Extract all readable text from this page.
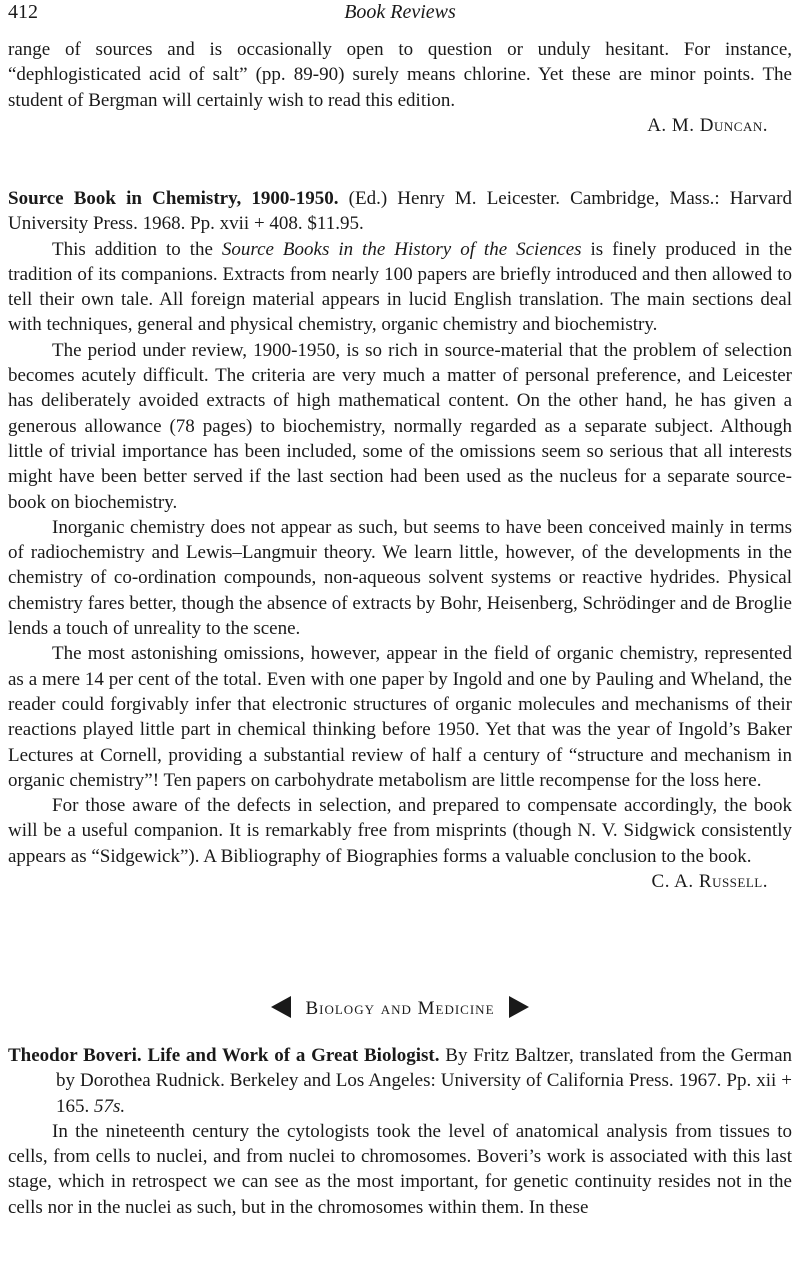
412	Book Reviews

range of sources and is occasionally open to question or unduly hesitant. For instance, “dephlogisticated acid of salt” (pp. 89-90) surely means chlorine. Yet these are minor points. The student of Bergman will certainly wish to read this edition.

A. M. Duncan.

Source Book in Chemistry, 1900-1950. (Ed.) Henry M. Leicester. Cambridge, Mass.: Harvard University Press. 1968. Pp. xvii + 408. $11.95.

This addition to the Source Books in the History of the Sciences is finely produced in the tradition of its companions. Extracts from nearly 100 papers are briefly introduced and then allowed to tell their own tale. All foreign material appears in lucid English translation. The main sections deal with techniques, general and physical chemistry, organic chemistry and biochemistry.

The period under review, 1900-1950, is so rich in source-material that the problem of selection becomes acutely difficult. The criteria are very much a matter of personal preference, and Leicester has deliberately avoided extracts of high mathematical content. On the other hand, he has given a generous allowance (78 pages) to biochemistry, normally regarded as a separate subject. Although little of trivial importance has been included, some of the omissions seem so serious that all interests might have been better served if the last section had been used as the nucleus for a separate source-book on biochemistry.

Inorganic chemistry does not appear as such, but seems to have been conceived mainly in terms of radiochemistry and Lewis–Langmuir theory. We learn little, however, of the developments in the chemistry of co-ordination compounds, non-aqueous solvent systems or reactive hydrides. Physical chemistry fares better, though the absence of extracts by Bohr, Heisenberg, Schrödinger and de Broglie lends a touch of unreality to the scene.

The most astonishing omissions, however, appear in the field of organic chemistry, represented as a mere 14 per cent of the total. Even with one paper by Ingold and one by Pauling and Wheland, the reader could forgivably infer that electronic structures of organic molecules and mechanisms of their reactions played little part in chemical thinking before 1950. Yet that was the year of Ingold’s Baker Lectures at Cornell, providing a substantial review of half a century of “structure and mechanism in organic chemistry”! Ten papers on carbohydrate metabolism are little recompense for the loss here.

For those aware of the defects in selection, and prepared to compensate accordingly, the book will be a useful companion. It is remarkably free from misprints (though N. V. Sidgwick consistently appears as “Sidgewick”). A Bibliography of Biographies forms a valuable conclusion to the book.

C. A. Russell.

Biology and Medicine

Theodor Boveri. Life and Work of a Great Biologist. By Fritz Baltzer, translated from the German by Dorothea Rudnick. Berkeley and Los Angeles: University of California Press. 1967. Pp. xii + 165. 57s.

In the nineteenth century the cytologists took the level of anatomical analysis from tissues to cells, from cells to nuclei, and from nuclei to chromosomes. Boveri’s work is associated with this last stage, which in retrospect we can see as the most important, for genetic continuity resides not in the cells nor in the nuclei as such, but in the chromosomes within them. In these
